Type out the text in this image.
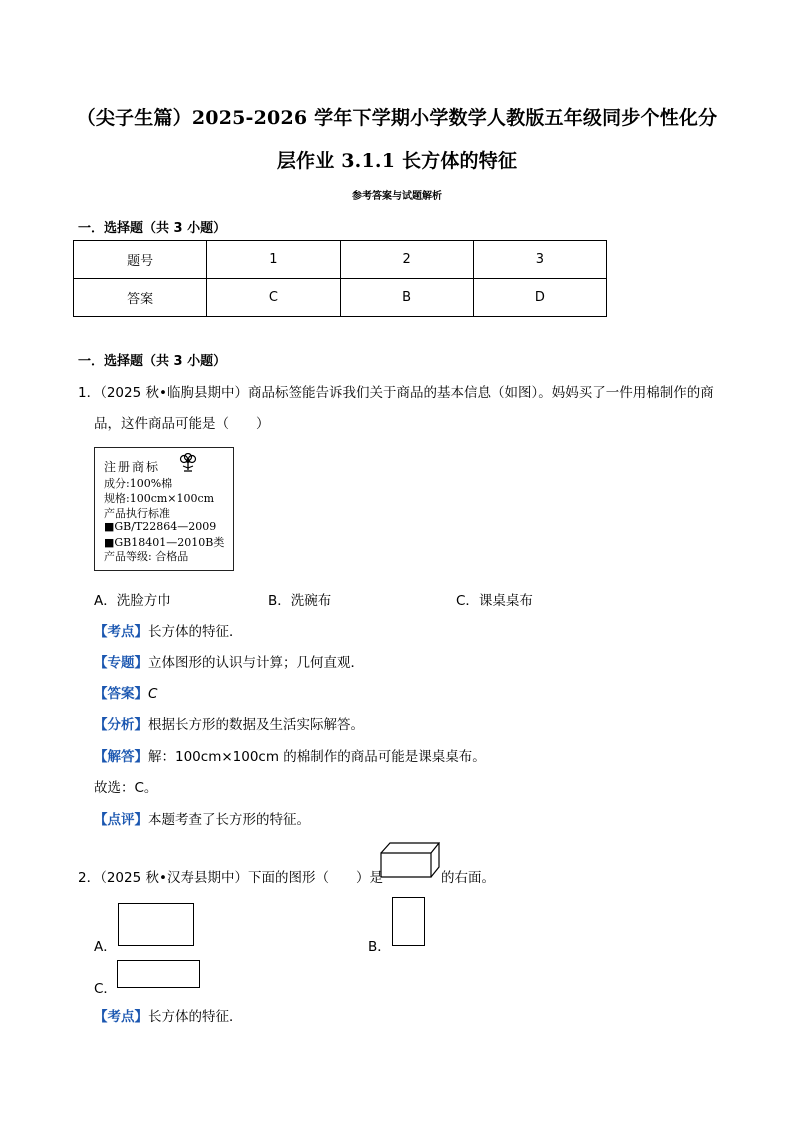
（尖子生篇）2025-2026 学年下学期小学数学人教版五年级同步个性化分
层作业 3.1.1 长方体的特征
参考答案与试题解析
一．选择题（共 3 小题）
题号	1	2	3
答案	C	B	D
一．选择题（共 3 小题）
1．（2025 秋•临朐县期中）商品标签能告诉我们关于商品的基本信息（如图）。妈妈买了一件用棉制作的商
品，这件商品可能是（　　）
注册商标
成分:100%棉
规格:100cm×100cm
产品执行标准
■GB/T22864—2009
■GB18401—2010B类
产品等级: 合格品
A．洗脸方巾	B．洗碗布	C．课桌桌布
【考点】长方体的特征．
【专题】立体图形的认识与计算；几何直观．
【答案】C
【分析】根据长方形的数据及生活实际解答。
【解答】解：100cm×100cm 的棉制作的商品可能是课桌桌布。
故选：C。
【点评】本题考查了长方形的特征。
2．（2025 秋•汉寿县期中）下面的图形（　　）是	的右面。
A．	B．
C．
【考点】长方体的特征．
